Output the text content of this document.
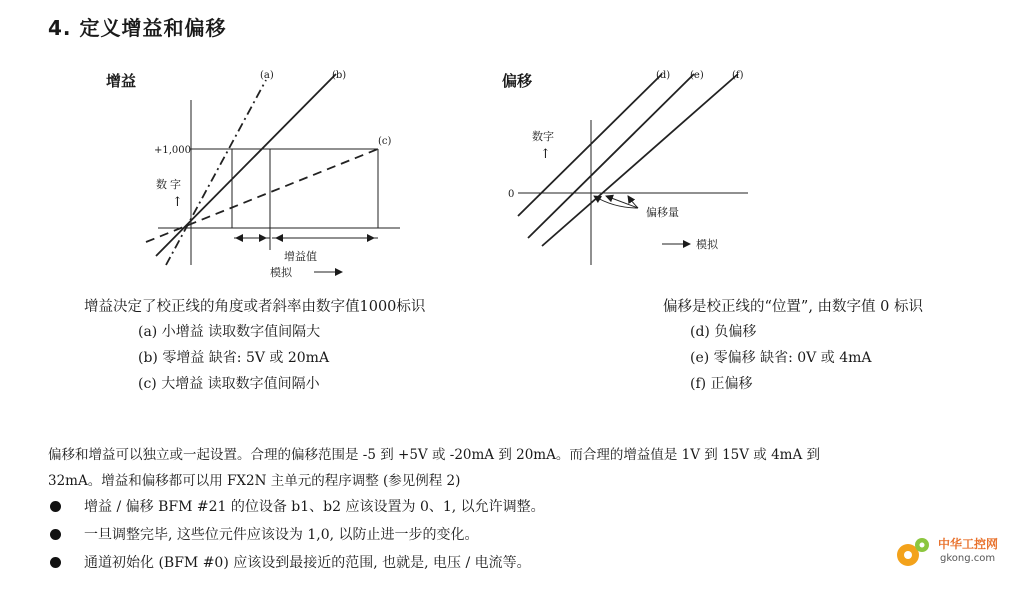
4. 定义增益和偏移
增益
+1,000
(a)	(b)
(c)
数 字
↑
增益值
模拟
偏移
0
(d) (e)	(f)
数字
↑
偏移量
模拟
增益决定了校正线的角度或者斜率由数字值1000标识
(a) 小增益 读取数字值间隔大
(b) 零增益 缺省: 5V 或 20mA
(c) 大增益 读取数字值间隔小
偏移是校正线的“位置”, 由数字值 0 标识
(d) 负偏移
(e) 零偏移 缺省: 0V 或 4mA
(f) 正偏移
偏移和增益可以独立或一起设置。合理的偏移范围是 -5 到 +5V 或 -20mA 到 20mA。而合理的增益值是 1V 到 15V 或 4mA 到
32mA。增益和偏移都可以用 FX2N 主单元的程序调整 (参见例程 2)
增益 / 偏移 BFM #21 的位设备 b1、b2 应该设置为 0、1, 以允许调整。
一旦调整完毕, 这些位元件应该设为 1,0, 以防止进一步的变化。
通道初始化 (BFM #0) 应该设到最接近的范围, 也就是, 电压 / 电流等。
中华工控网
gkong.com
